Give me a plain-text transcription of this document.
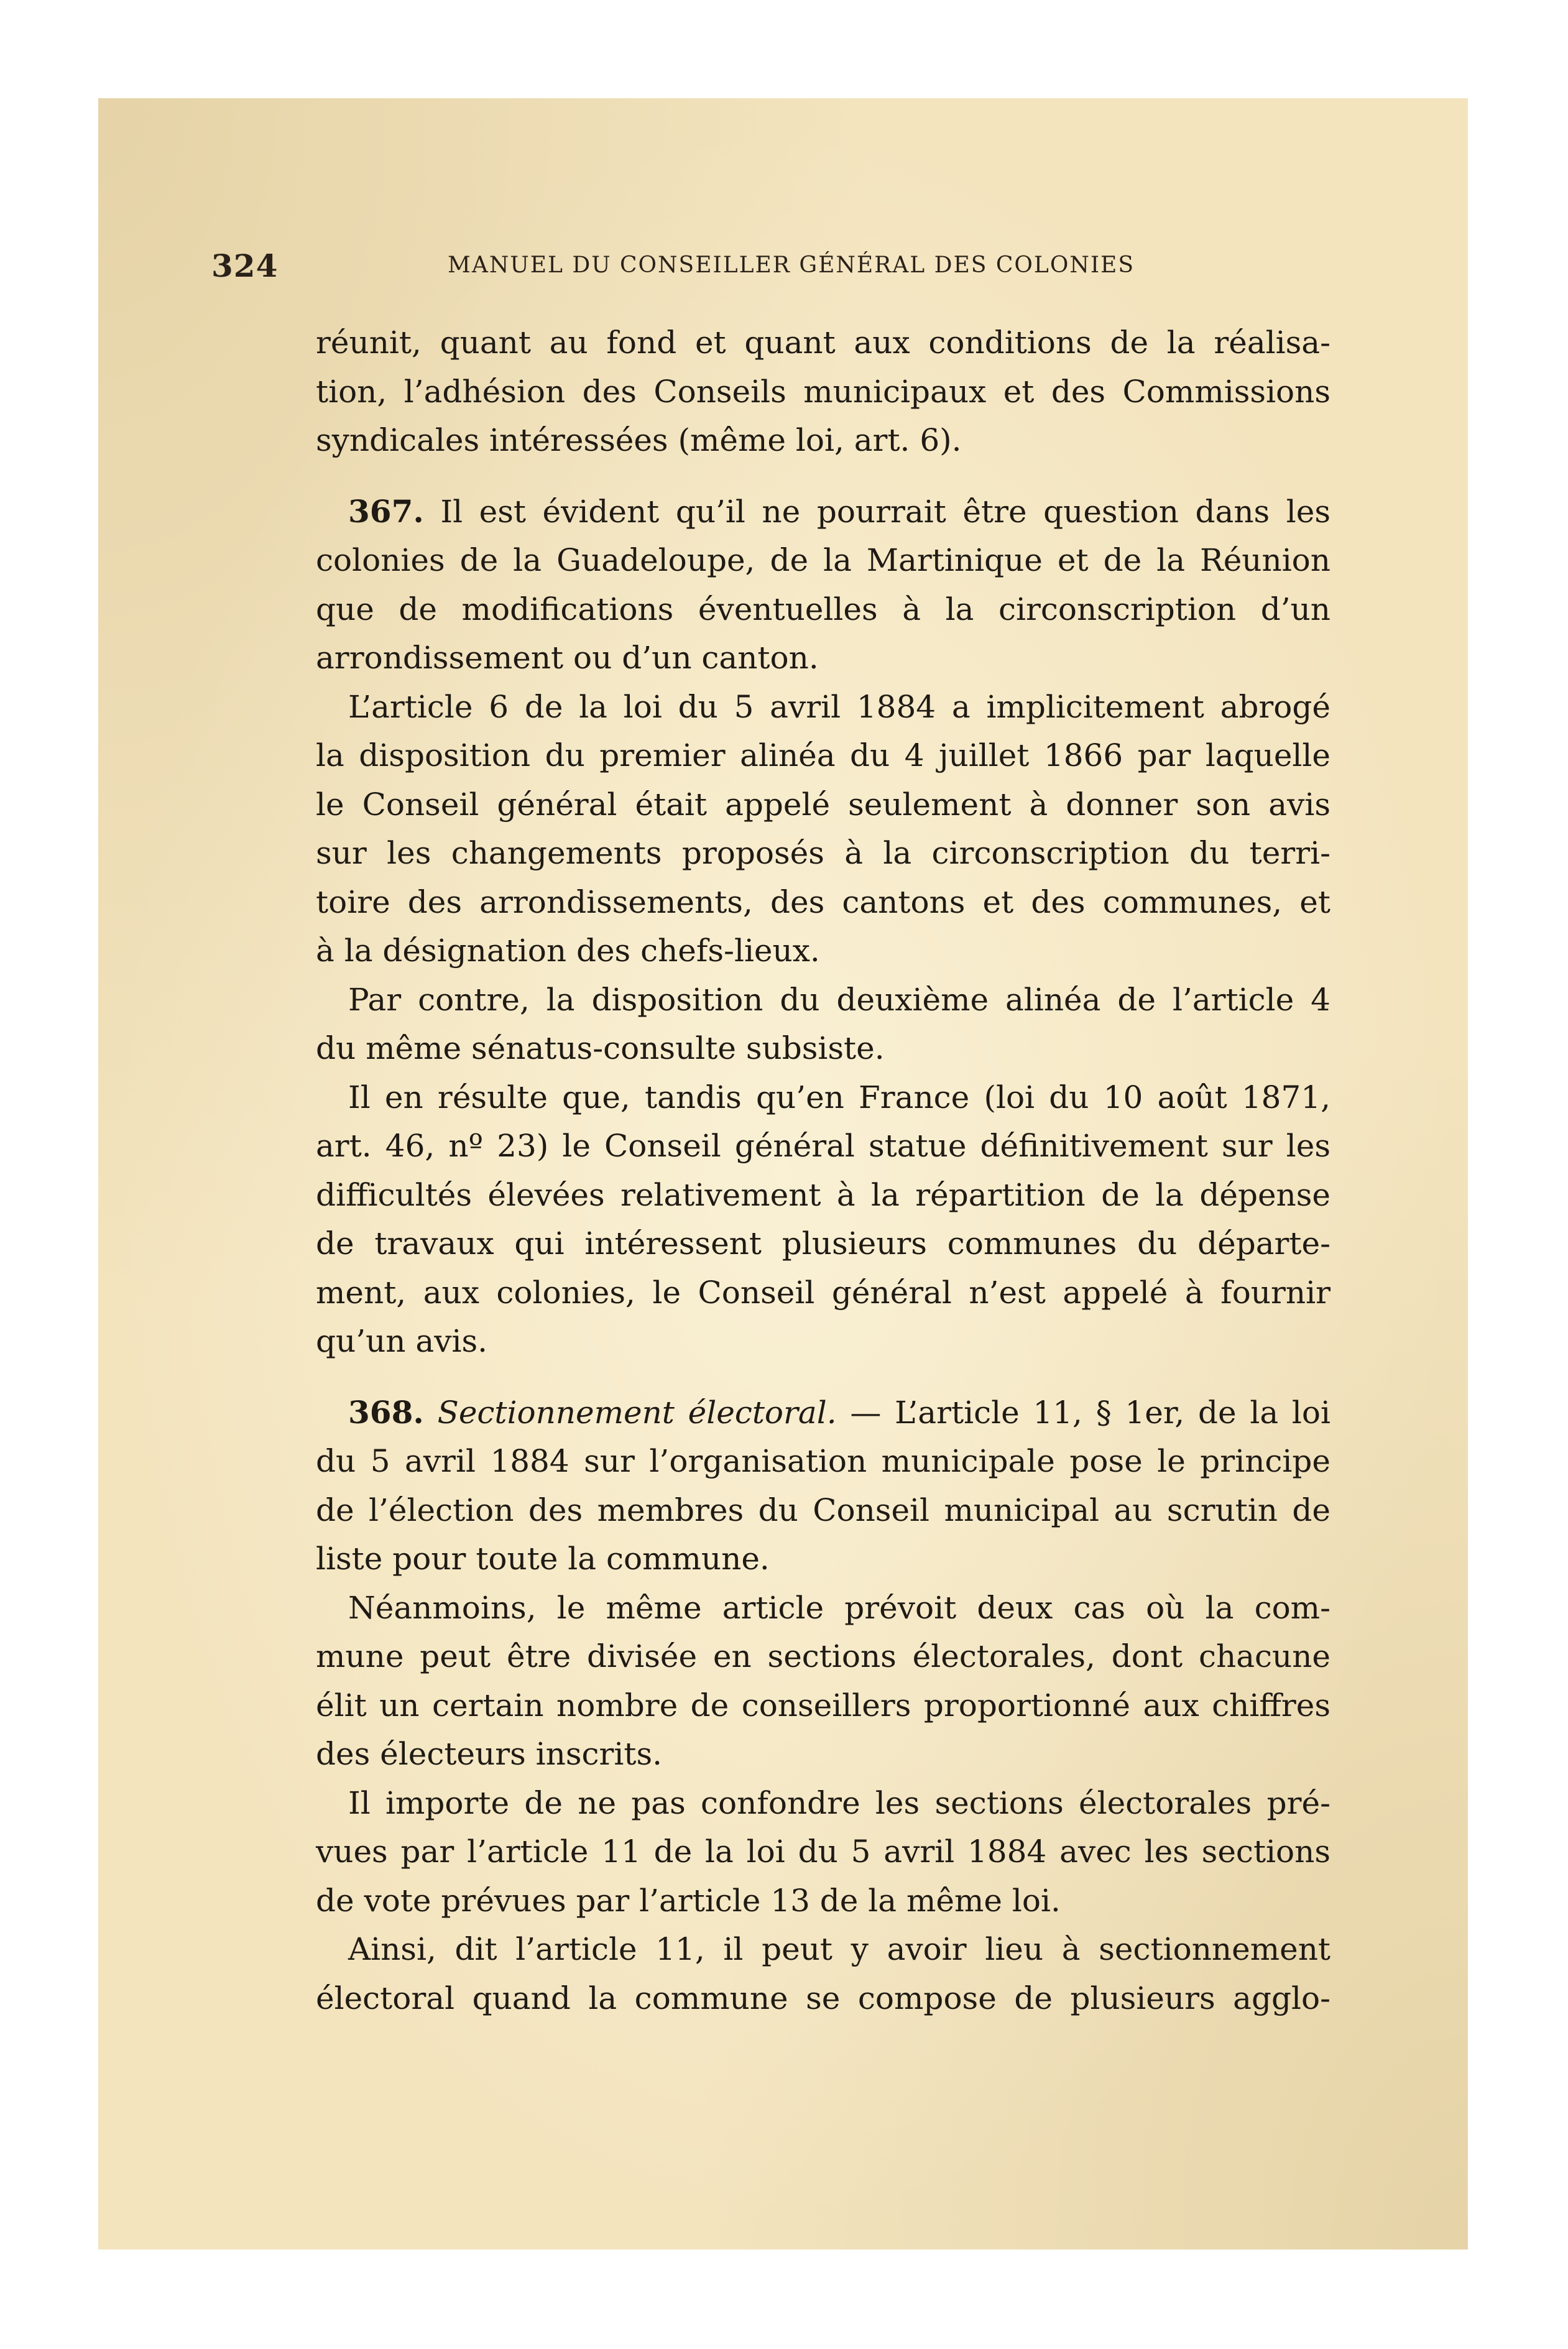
324	MANUEL DU CONSEILLER GÉNÉRAL DES COLONIES
réunit, quant au fond et quant aux conditions de la réalisa-
tion, l’adhésion des Conseils municipaux et des Commissions
syndicales intéressées (même loi, art. 6).
367. Il est évident qu’il ne pourrait être question dans les
colonies de la Guadeloupe, de la Martinique et de la Réunion
que de modifications éventuelles à la circonscription d’un
arrondissement ou d’un canton.
L’article 6 de la loi du 5 avril 1884 a implicitement abrogé
la disposition du premier alinéa du 4 juillet 1866 par laquelle
le Conseil général était appelé seulement à donner son avis
sur les changements proposés à la circonscription du terri-
toire des arrondissements, des cantons et des communes, et
à la désignation des chefs-lieux.
Par contre, la disposition du deuxième alinéa de l’article 4
du même sénatus-consulte subsiste.
Il en résulte que, tandis qu’en France (loi du 10 août 1871,
art. 46, nº 23) le Conseil général statue définitivement sur les
difficultés élevées relativement à la répartition de la dépense
de travaux qui intéressent plusieurs communes du départe-
ment, aux colonies, le Conseil général n’est appelé à fournir
qu’un avis.
368. Sectionnement électoral. — L’article 11, § 1er, de la loi
du 5 avril 1884 sur l’organisation municipale pose le principe
de l’élection des membres du Conseil municipal au scrutin de
liste pour toute la commune.
Néanmoins, le même article prévoit deux cas où la com-
mune peut être divisée en sections électorales, dont chacune
élit un certain nombre de conseillers proportionné aux chiffres
des électeurs inscrits.
Il importe de ne pas confondre les sections électorales pré-
vues par l’article 11 de la loi du 5 avril 1884 avec les sections
de vote prévues par l’article 13 de la même loi.
Ainsi, dit l’article 11, il peut y avoir lieu à sectionnement
électoral quand la commune se compose de plusieurs agglo-
